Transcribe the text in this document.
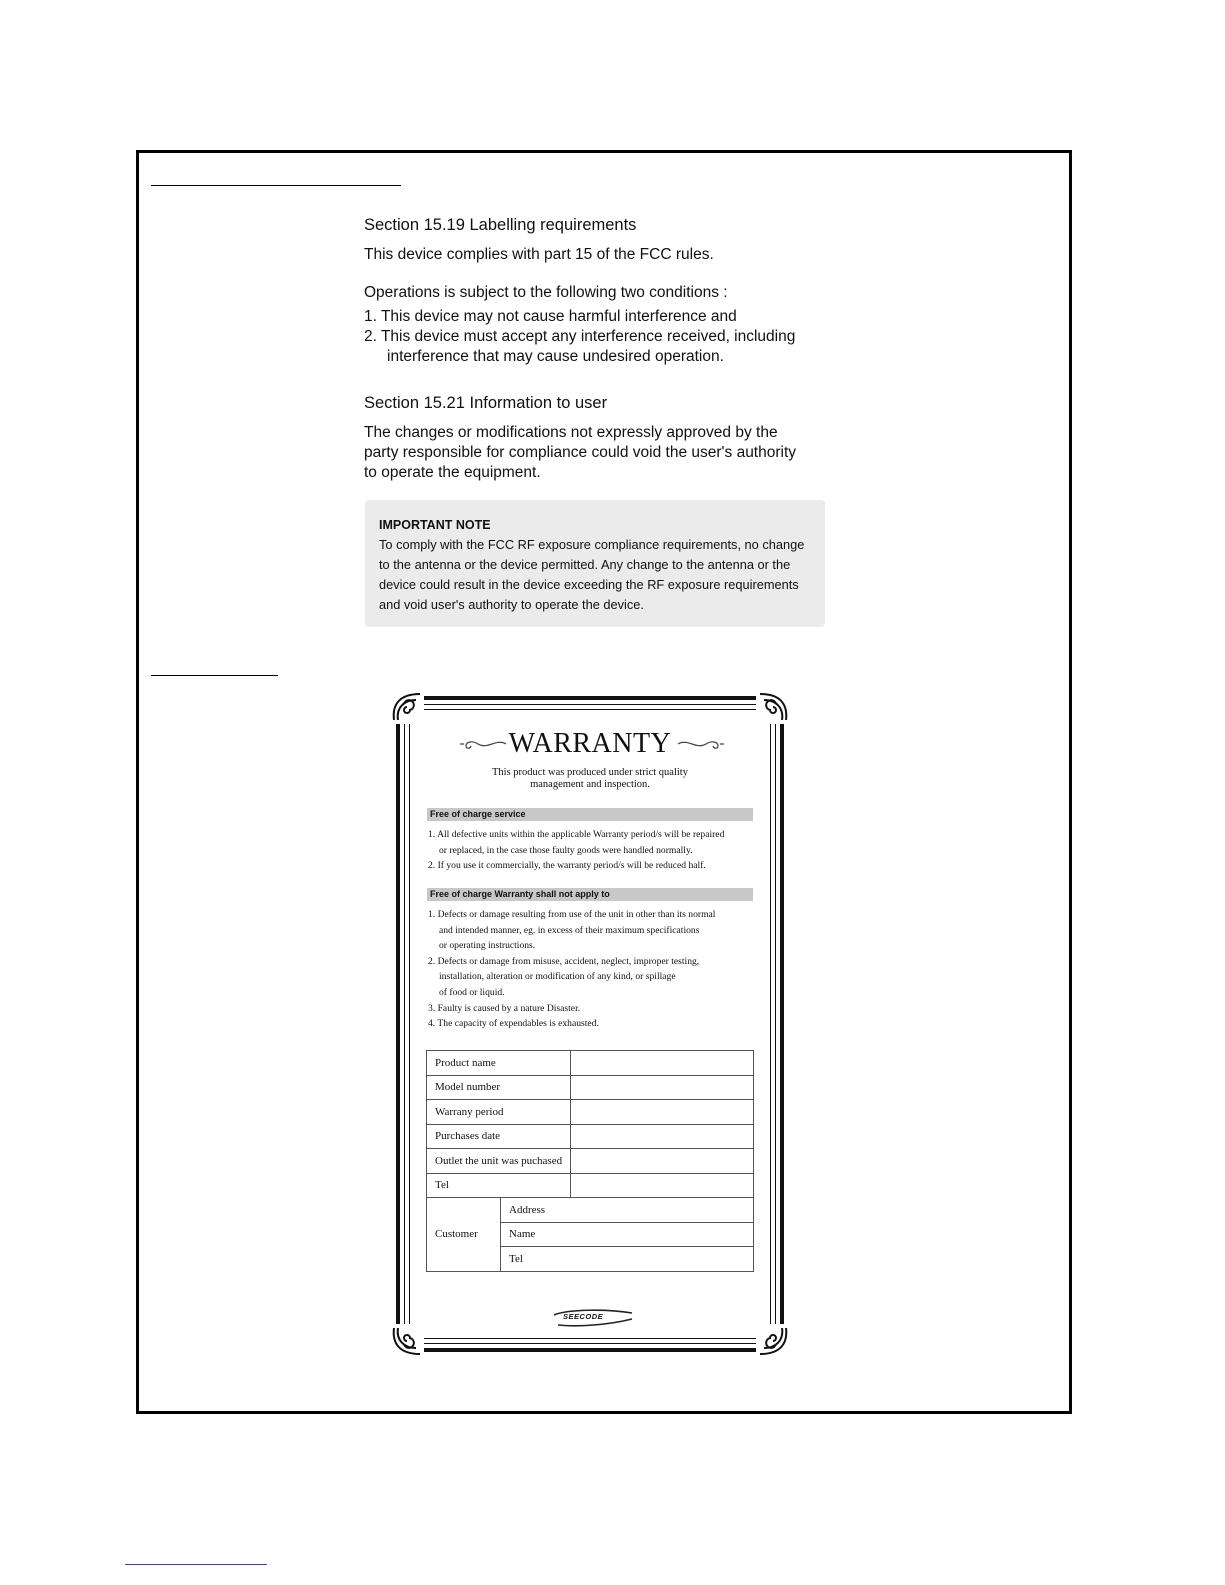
Section 15.19 Labelling requirements

This device complies with part 15 of the FCC rules.

Operations is subject to the following two conditions :

1. This device may not cause harmful interference and

2. This device must accept any interference received, including

interference that may cause undesired operation.

Section 15.21 Information to user

The changes or modifications not expressly approved by the

party responsible for compliance could void the user's authority

to operate the equipment.

IMPORTANT NOTE
To comply with the FCC RF exposure compliance requirements, no change
to the antenna or the device permitted. Any change to the antenna or the
device could result in the device exceeding the RF exposure requirements
and void user's authority to operate the device.
WARRANTY
This product was produced under strict quality
management and inspection.
Free of charge service
1. All defective units within the applicable Warranty period/s will be repaired
or replaced, in the case those faulty goods were handled normally.
2. If you use it commercially, the warranty period/s will be reduced half.
Free of charge Warranty shall not apply to
1. Defects or damage resulting from use of the unit in other than its normal
and intended manner, eg. in excess of their maximum specifications
or operating instructions.
2. Defects or damage from misuse, accident, neglect, improper testing,
installation, alteration or modification of any kind, or spillage
of food or liquid.
3. Faulty is caused by a nature Disaster.
4. The capacity of expendables is exhausted.
Product name		
Model number		
Warrany period		
Purchases date		
Outlet the unit was puchased		
Tel		
Customer	Address	
	Name	
	Tel	
SEECODE
